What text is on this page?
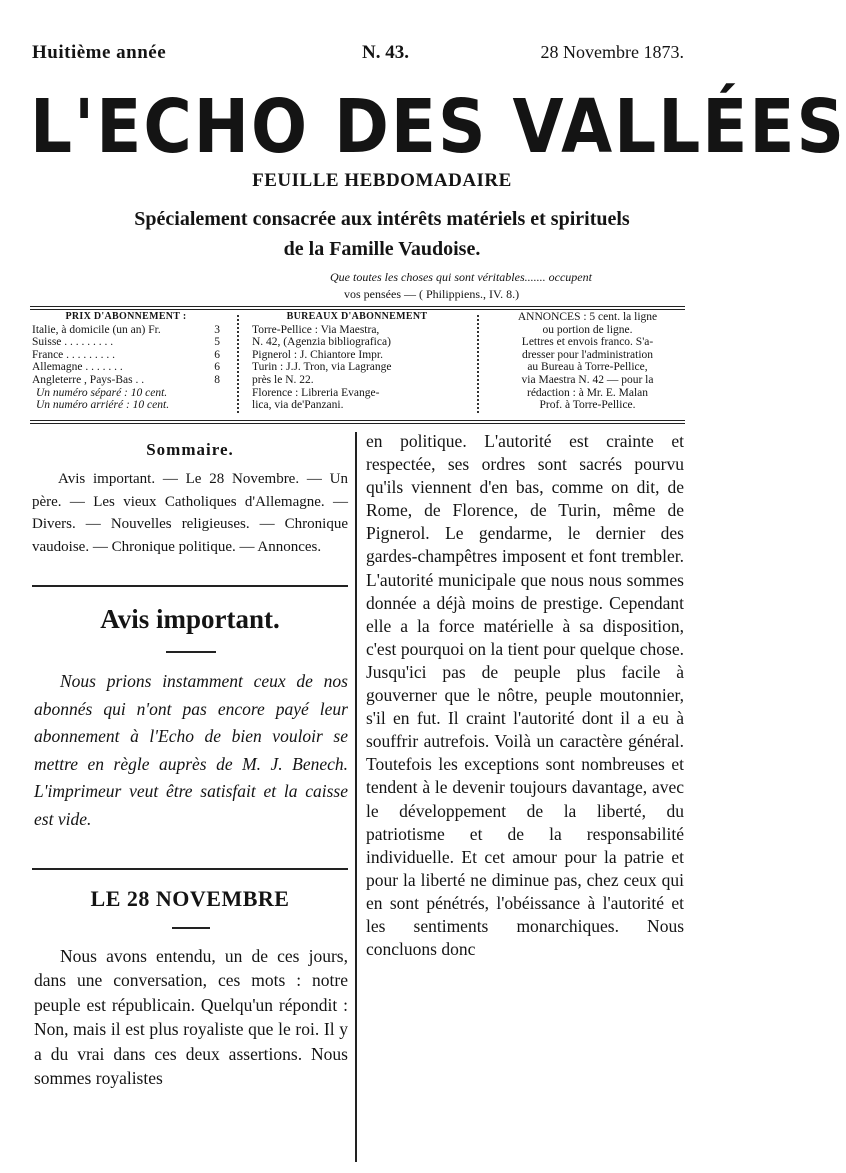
Huitième année	N. 43.	28 Novembre 1873.
L'ECHO DES VALLÉES
FEUILLE HEBDOMADAIRE
Spécialement consacrée aux intérêts matériels et spirituels
de la Famille Vaudoise.
Que toutes les choses qui sont véritables....... occupent
vos pensées — ( Philippiens., IV. 8.)
PRIX D'ABONNEMENT :
Italie, à domicile (un an) Fr.	3
Suisse . . . . . . . . .	5
France . . . . . . . . .	6
Allemagne . . . . . . .	6
Angleterre , Pays-Bas . .	8
Un numéro séparé : 10 cent.
Un numéro arriéré : 10 cent.
BUREAUX D'ABONNEMENT
Torre-Pellice : Via Maestra,
N. 42, (Agenzia bibliografica)
Pignerol : J. Chiantore Impr.
Turin : J.J. Tron, via Lagrange
près le N. 22.
Florence : Libreria Evange-
lica, via de'Panzani.
ANNONCES : 5 cent. la ligne
ou portion de ligne.
Lettres et envois franco. S'a-
dresser pour l'administration
au Bureau à Torre-Pellice,
via Maestra N. 42 — pour la
rédaction : à Mr. E. Malan
Prof. à Torre-Pellice.
Sommaire.
Avis important. — Le 28 Novembre. — Un père. — Les vieux Catholiques d'Allemagne. — Divers. — Nouvelles religieuses. — Chronique vaudoise. — Chronique politique. — Annonces.
Avis important.
Nous prions instamment ceux de nos abonnés qui n'ont pas encore payé leur abonnement à l'Echo de bien vouloir se mettre en règle auprès de M. J. Benech. L'imprimeur veut être satisfait et la caisse est vide.
LE 28 NOVEMBRE
Nous avons entendu, un de ces jours, dans une conversation, ces mots : notre peuple est républicain. Quelqu'un répondit : Non, mais il est plus royaliste que le roi. Il y a du vrai dans ces deux assertions. Nous sommes royalistes
en politique. L'autorité est crainte et respectée, ses ordres sont sacrés pourvu qu'ils viennent d'en bas, comme on dit, de Rome, de Florence, de Turin, même de Pignerol. Le gendarme, le dernier des gardes-champêtres imposent et font trembler. L'autorité municipale que nous nous sommes donnée a déjà moins de prestige. Cependant elle a la force matérielle à sa disposition, c'est pourquoi on la tient pour quelque chose. Jusqu'ici pas de peuple plus facile à gouverner que le nôtre, peuple moutonnier, s'il en fut. Il craint l'autorité dont il a eu à souffrir autrefois. Voilà un caractère général. Toutefois les exceptions sont nombreuses et tendent à le devenir toujours davantage, avec le développement de la liberté, du patriotisme et de la responsabilité individuelle. Et cet amour pour la patrie et pour la liberté ne diminue pas, chez ceux qui en sont pénétrés, l'obéissance à l'autorité et les sentiments monarchiques. Nous concluons donc
